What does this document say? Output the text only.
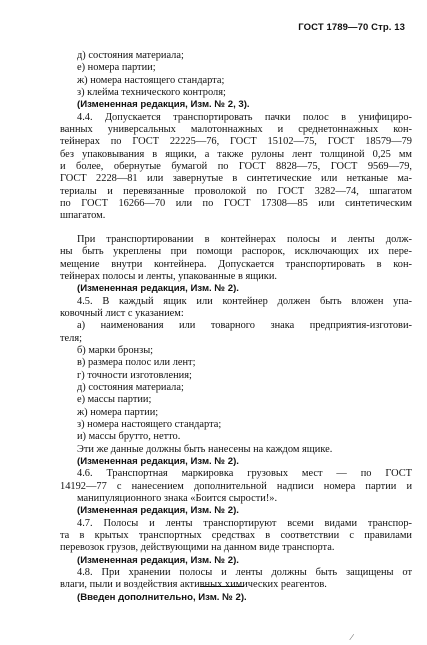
ГОСТ 1789—70 Стр. 13
д) состояния материала;
е) номера партии;
ж) номера настоящего стандарта;
з) клейма технического контроля;
(Измененная редакция, Изм. № 2, 3).
4.4. Допускается транспортировать пачки полос в унифициро-
ванных универсальных малотоннажных и среднетоннажных кон-
тейнерах по ГОСТ 22225—76, ГОСТ 15102—75, ГОСТ 18579—79
без упаковывания в ящики, а также рулоны лент толщиной 0,25 мм
и более, обернутые бумагой по ГОСТ 8828—75, ГОСТ 9569—79,
ГОСТ 2228—81 или завернутые в синтетические или нетканые ма-
териалы и перевязанные проволокой по ГОСТ 3282—74, шпагатом
по ГОСТ 16266—70 или по ГОСТ 17308—85 или синтетическим
шпагатом.
При транспортировании в контейнерах полосы и ленты долж-
ны быть укреплены при помощи распорок, исключающих их пере-
мещение внутри контейнера. Допускается транспортировать в кон-
тейнерах полосы и ленты, упакованные в ящики.
(Измененная редакция, Изм. № 2).
4.5. В каждый ящик или контейнер должен быть вложен упа-
ковочный лист с указанием:
а) наименования или товарного знака предприятия-изготови-
теля;
б) марки бронзы;
в) размера полос или лент;
г) точности изготовления;
д) состояния материала;
е) массы партии;
ж) номера партии;
з) номера настоящего стандарта;
и) массы брутто, нетто.
Эти же данные должны быть нанесены на каждом ящике.
(Измененная редакция, Изм. № 2).
4.6. Транспортная маркировка грузовых мест — по ГОСТ
14192—77 с нанесением дополнительной надписи номера партии и
манипуляционного знака «Боится сырости!».
(Измененная редакция, Изм. № 2).
4.7. Полосы и ленты транспортируют всеми видами транспор-
та в крытых транспортных средствах в соответствии с правилами
перевозок грузов, действующими на данном виде транспорта.
(Измененная редакция, Изм. № 2).
4.8. При хранении полосы и ленты должны быть защищены от
влаги, пыли и воздействия активных химических реагентов.
(Введен дополнительно, Изм. № 2).
∕
